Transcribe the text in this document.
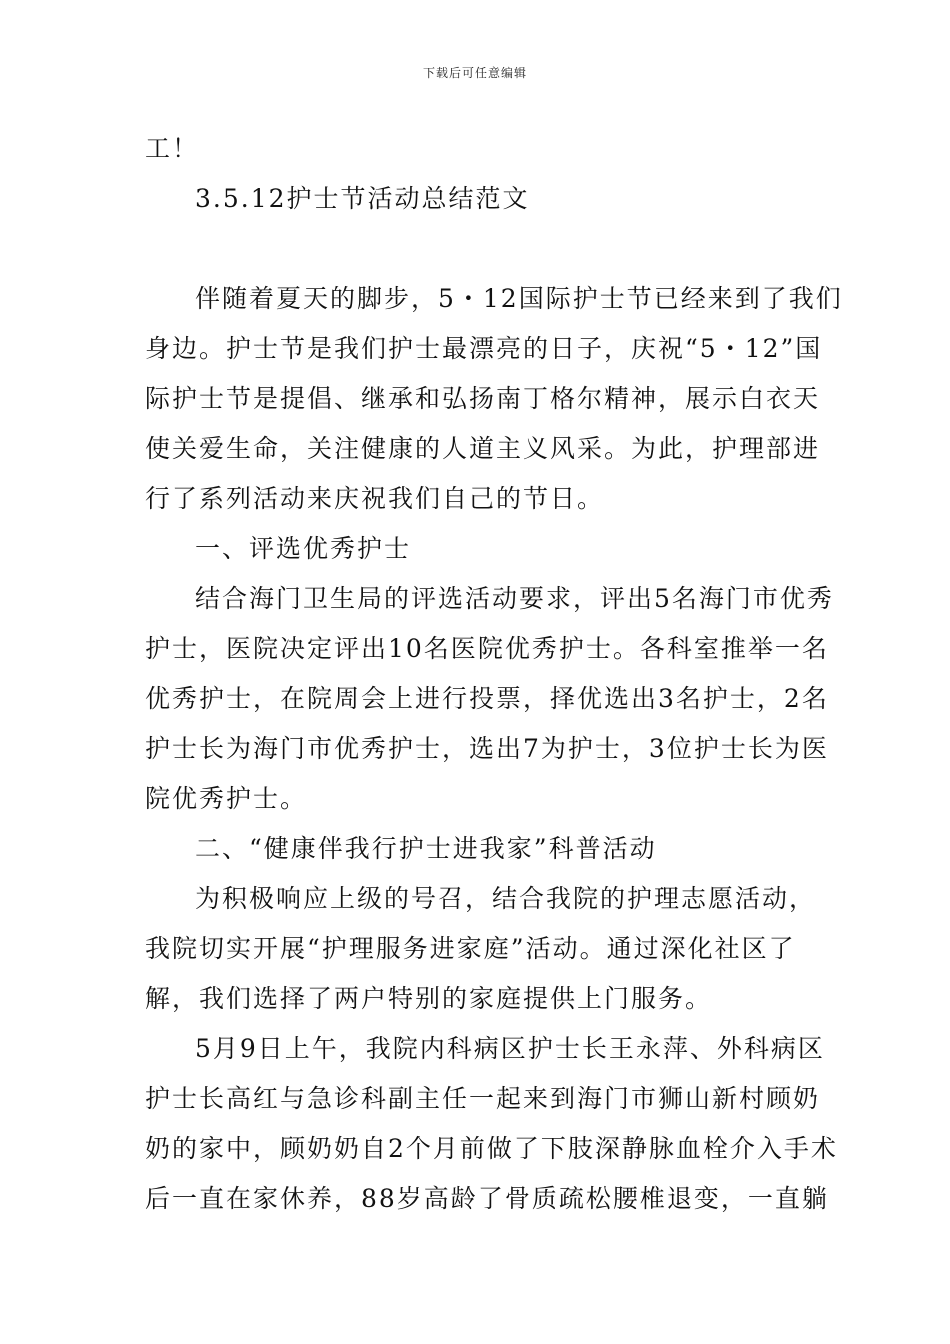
下载后可任意编辑
工！
3.5.12护士节活动总结范文
伴随着夏天的脚步，5・12国际护士节已经来到了我们
身边。护士节是我们护士最漂亮的日子，庆祝“5・12”国
际护士节是提倡、继承和弘扬南丁格尔精神，展示白衣天
使关爱生命，关注健康的人道主义风采。为此，护理部进
行了系列活动来庆祝我们自己的节日。
一、评选优秀护士
结合海门卫生局的评选活动要求，评出5名海门市优秀
护士，医院决定评出10名医院优秀护士。各科室推举一名
优秀护士，在院周会上进行投票，择优选出3名护士，2名
护士长为海门市优秀护士，选出7为护士，3位护士长为医
院优秀护士。
二、“健康伴我行护士进我家”科普活动
为积极响应上级的号召，结合我院的护理志愿活动，
我院切实开展“护理服务进家庭”活动。通过深化社区了
解，我们选择了两户特别的家庭提供上门服务。
5月9日上午，我院内科病区护士长王永萍、外科病区
护士长高红与急诊科副主任一起来到海门市狮山新村顾奶
奶的家中，顾奶奶自2个月前做了下肢深静脉血栓介入手术
后一直在家休养，88岁高龄了骨质疏松腰椎退变，一直躺
